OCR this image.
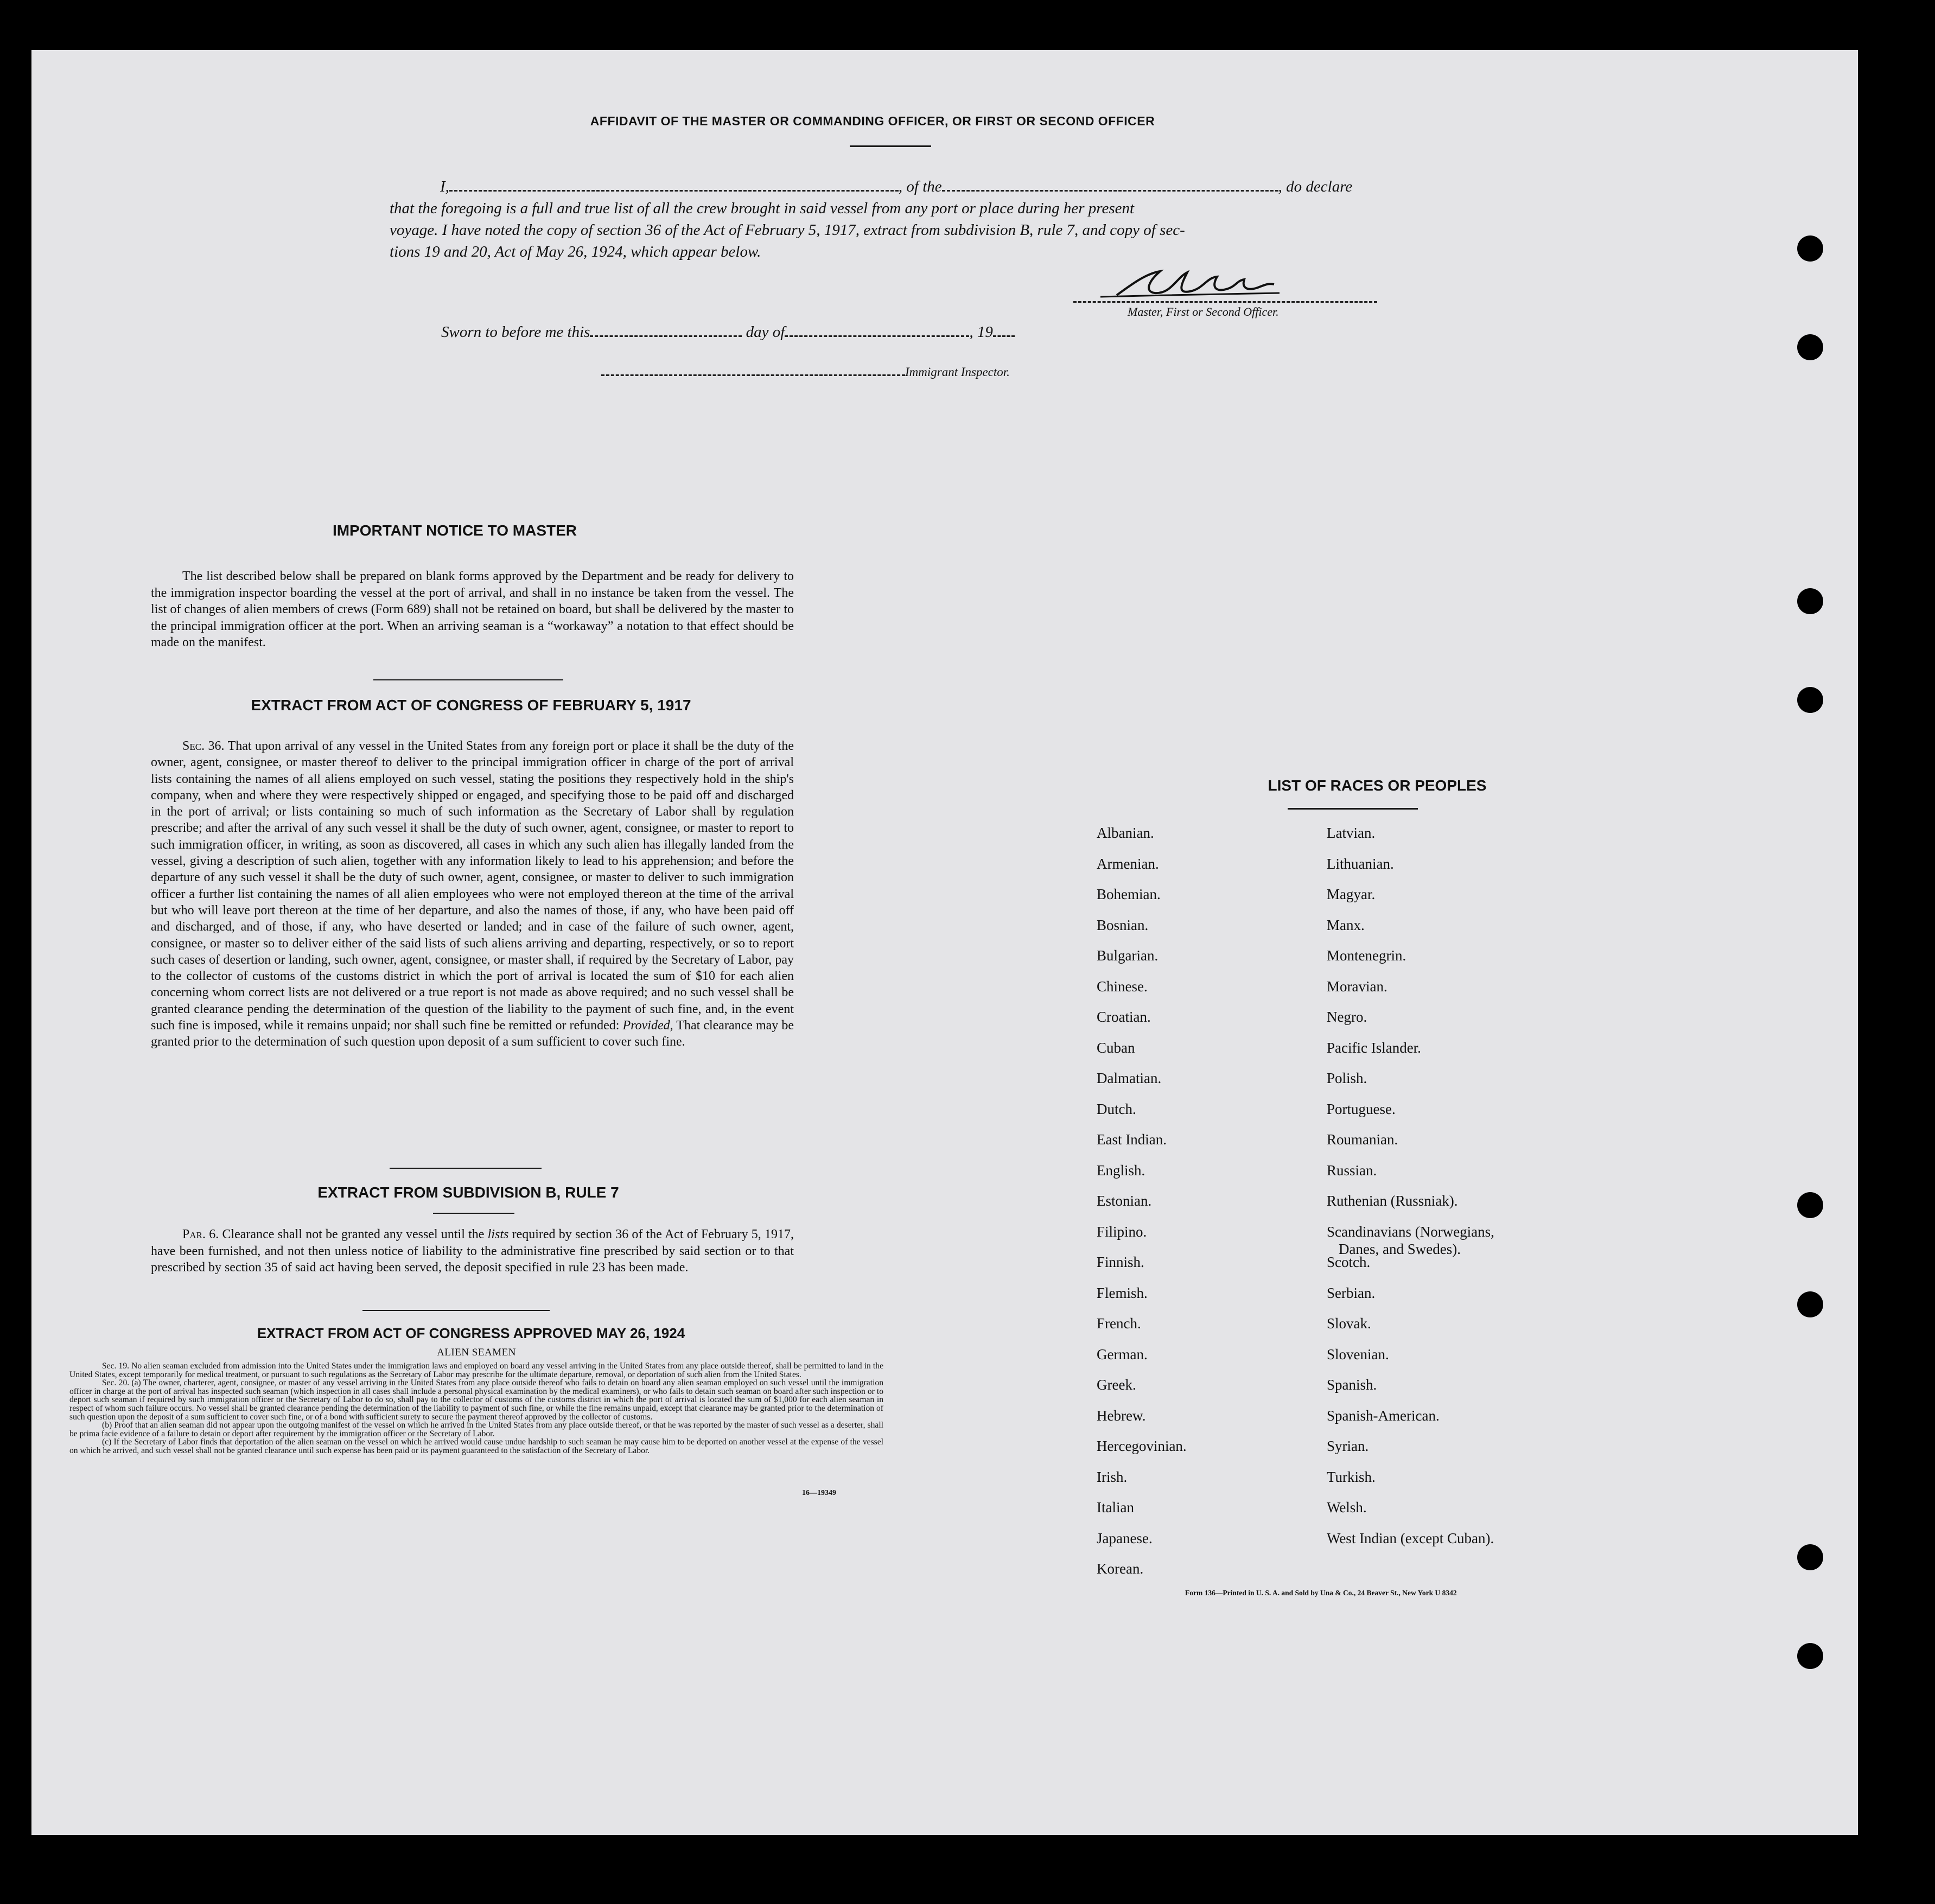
AFFIDAVIT OF THE MASTER OR COMMANDING OFFICER, OR FIRST OR SECOND OFFICER
I,	, of the	, do declare
that the foregoing is a full and true list of all the crew brought in said vessel from any port or place during her present
voyage. I have noted the copy of section 36 of the Act of February 5, 1917, extract from subdivision B, rule 7, and copy of sec-
tions 19 and 20, Act of May 26, 1924, which appear below.
Master, First or Second Officer.
Sworn to before me this	day of	, 19
Immigrant Inspector.
IMPORTANT NOTICE TO MASTER
The list described below shall be prepared on blank forms approved by the Department and be ready for delivery to the immigration inspector boarding the vessel at the port of arrival, and shall in no instance be taken from the vessel. The list of changes of alien members of crews (Form 689) shall not be retained on board, but shall be delivered by the master to the principal immigration officer at the port. When an arriving seaman is a “workaway” a notation to that effect should be made on the manifest.
EXTRACT FROM ACT OF CONGRESS OF FEBRUARY 5, 1917
Sec. 36. That upon arrival of any vessel in the United States from any foreign port or place it shall be the duty of the owner, agent, consignee, or master thereof to deliver to the principal immigration officer in charge of the port of arrival lists containing the names of all aliens employed on such vessel, stating the positions they respectively hold in the ship's company, when and where they were respectively shipped or engaged, and specifying those to be paid off and discharged in the port of arrival; or lists containing so much of such information as the Secretary of Labor shall by regulation prescribe; and after the arrival of any such vessel it shall be the duty of such owner, agent, consignee, or master to report to such immigration officer, in writing, as soon as discovered, all cases in which any such alien has illegally landed from the vessel, giving a description of such alien, together with any information likely to lead to his apprehension; and before the departure of any such vessel it shall be the duty of such owner, agent, consignee, or master to deliver to such immigration officer a further list containing the names of all alien employees who were not employed thereon at the time of the arrival but who will leave port thereon at the time of her departure, and also the names of those, if any, who have been paid off and discharged, and of those, if any, who have deserted or landed; and in case of the failure of such owner, agent, consignee, or master so to deliver either of the said lists of such aliens arriving and departing, respectively, or so to report such cases of desertion or landing, such owner, agent, consignee, or master shall, if required by the Secretary of Labor, pay to the collector of customs of the customs district in which the port of arrival is located the sum of $10 for each alien concerning whom correct lists are not delivered or a true report is not made as above required; and no such vessel shall be granted clearance pending the determination of the question of the liability to the payment of such fine, and, in the event such fine is imposed, while it remains unpaid; nor shall such fine be remitted or refunded: Provided, That clearance may be granted prior to the determination of such question upon deposit of a sum sufficient to cover such fine.
EXTRACT FROM SUBDIVISION B, RULE 7
Par. 6. Clearance shall not be granted any vessel until the lists required by section 36 of the Act of February 5, 1917, have been furnished, and not then unless notice of liability to the administrative fine prescribed by said section or to that prescribed by section 35 of said act having been served, the deposit specified in rule 23 has been made.
EXTRACT FROM ACT OF CONGRESS APPROVED MAY 26, 1924
ALIEN SEAMEN
Sec. 19. No alien seaman excluded from admission into the United States under the immigration laws and employed on board any vessel arriving in the United States from any place outside thereof, shall be permitted to land in the United States, except temporarily for medical treatment, or pursuant to such regulations as the Secretary of Labor may prescribe for the ultimate departure, removal, or deportation of such alien from the United States.
Sec. 20. (a) The owner, charterer, agent, consignee, or master of any vessel arriving in the United States from any place outside thereof who fails to detain on board any alien seaman employed on such vessel until the immigration officer in charge at the port of arrival has inspected such seaman (which inspection in all cases shall include a personal physical examination by the medical examiners), or who fails to detain such seaman on board after such inspection or to deport such seaman if required by such immigration officer or the Secretary of Labor to do so, shall pay to the collector of customs of the customs district in which the port of arrival is located the sum of $1,000 for each alien seaman in respect of whom such failure occurs. No vessel shall be granted clearance pending the determination of the liability to payment of such fine, or while the fine remains unpaid, except that clearance may be granted prior to the determination of such question upon the deposit of a sum sufficient to cover such fine, or of a bond with sufficient surety to secure the payment thereof approved by the collector of customs.
(b) Proof that an alien seaman did not appear upon the outgoing manifest of the vessel on which he arrived in the United States from any place outside thereof, or that he was reported by the master of such vessel as a deserter, shall be prima facie evidence of a failure to detain or deport after requirement by the immigration officer or the Secretary of Labor.
(c) If the Secretary of Labor finds that deportation of the alien seaman on the vessel on which he arrived would cause undue hardship to such seaman he may cause him to be deported on another vessel at the expense of the vessel on which he arrived, and such vessel shall not be granted clearance until such expense has been paid or its payment guaranteed to the satisfaction of the Secretary of Labor.
16—19349
LIST OF RACES OR PEOPLES
Albanian.
Armenian.
Bohemian.
Bosnian.
Bulgarian.
Chinese.
Croatian.
Cuban
Dalmatian.
Dutch.
East Indian.
English.
Estonian.
Filipino.
Finnish.
Flemish.
French.
German.
Greek.
Hebrew.
Hercegovinian.
Irish.
Italian
Japanese.
Korean.
Latvian.
Lithuanian.
Magyar.
Manx.
Montenegrin.
Moravian.
Negro.
Pacific Islander.
Polish.
Portuguese.
Roumanian.
Russian.
Ruthenian (Russniak).
Scandinavians (Norwegians,
Danes, and Swedes).
Scotch.
Serbian.
Slovak.
Slovenian.
Spanish.
Spanish-American.
Syrian.
Turkish.
Welsh.
West Indian (except Cuban).
Form 136—Printed in U. S. A. and Sold by Una & Co., 24 Beaver St., New York U 8342
